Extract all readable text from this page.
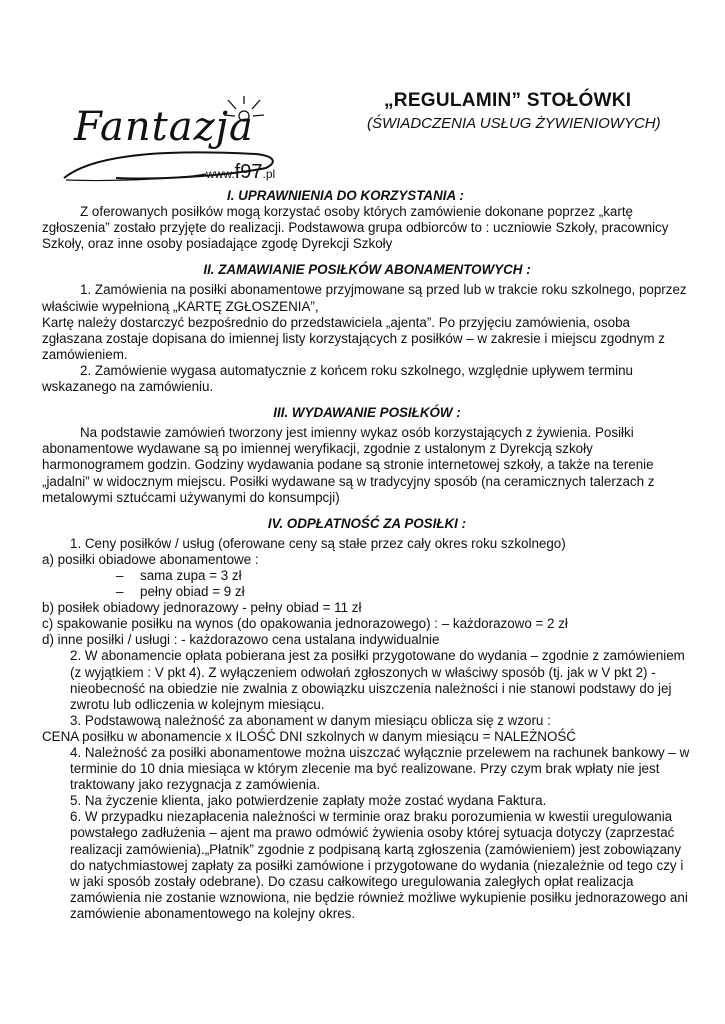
Fantazja
www.f97.pl
„REGULAMIN” STOŁÓWKI
(ŚWIADCZENIA USŁUG ŻYWIENIOWYCH)

I. UPRAWNIENIA DO KORZYSTANIA :

Z oferowanych posiłków mogą korzystać osoby których zamówienie dokonane poprzez „kartę zgłoszenia” zostało przyjęte do realizacji. Podstawowa grupa odbiorców to : uczniowie Szkoły, pracownicy Szkoły, oraz inne osoby posiadające zgodę Dyrekcji Szkoły

II. ZAMAWIANIE POSIŁKÓW ABONAMENTOWYCH :

1. Zamówienia na posiłki abonamentowe przyjmowane są przed lub w trakcie roku szkolnego, poprzez właściwie wypełnioną „KARTĘ ZGŁOSZENIA”,

Kartę należy dostarczyć bezpośrednio do przedstawiciela „ajenta”. Po przyjęciu zamówienia, osoba zgłaszana zostaje dopisana do imiennej listy korzystających z posiłków – w zakresie i miejscu zgodnym z zamówieniem.

2. Zamówienie wygasa automatycznie z końcem roku szkolnego, względnie upływem terminu wskazanego na zamówieniu.

III. WYDAWANIE POSIŁKÓW :

Na podstawie zamówień tworzony jest imienny wykaz osób korzystających z żywienia. Posiłki abonamentowe wydawane są po imiennej weryfikacji, zgodnie z ustalonym z Dyrekcją szkoły harmonogramem godzin. Godziny wydawania podane są stronie internetowej szkoły, a także na terenie „jadalni” w widocznym miejscu. Posiłki wydawane są w tradycyjny sposób (na ceramicznych talerzach z metalowymi sztućcami używanymi do konsumpcji)

IV. ODPŁATNOŚĆ ZA POSIŁKI :

1. Ceny posiłków / usług (oferowane ceny są stałe przez cały okres roku szkolnego)

a) posiłki obiadowe abonamentowe :

– sama zupa = 3 zł

– pełny obiad = 9 zł

b) posiłek obiadowy jednorazowy - pełny obiad = 11 zł

c) spakowanie posiłku na wynos (do opakowania jednorazowego) : – każdorazowo = 2 zł

d) inne posiłki / usługi : - każdorazowo cena ustalana indywidualnie

2. W abonamencie opłata pobierana jest za posiłki przygotowane do wydania – zgodnie z zamówieniem (z wyjątkiem : V pkt 4). Z wyłączeniem odwołań zgłoszonych w właściwy sposób (tj. jak w V pkt 2) - nieobecność na obiedzie nie zwalnia z obowiązku uiszczenia należności i nie stanowi podstawy do jej zwrotu lub odliczenia w kolejnym miesiącu.

3. Podstawową należność za abonament w danym miesiącu oblicza się z wzoru :

CENA posiłku w abonamencie x ILOŚĆ DNI szkolnych w danym miesiącu = NALEŻNOŚĆ

4. Należność za posiłki abonamentowe można uiszczać wyłącznie przelewem na rachunek bankowy – w terminie do 10 dnia miesiąca w którym zlecenie ma być realizowane. Przy czym brak wpłaty nie jest traktowany jako rezygnacja z zamówienia.

5. Na życzenie klienta, jako potwierdzenie zapłaty może zostać wydana Faktura.

6. W przypadku niezapłacenia należności w terminie oraz braku porozumienia w kwestii uregulowania powstałego zadłużenia – ajent ma prawo odmówić żywienia osoby której sytuacja dotyczy (zaprzestać realizacji zamówienia).„Płatnik” zgodnie z podpisaną kartą zgłoszenia (zamówieniem) jest zobowiązany do natychmiastowej zapłaty za posiłki zamówione i przygotowane do wydania (niezależnie od tego czy i w jaki sposób zostały odebrane). Do czasu całkowitego uregulowania zaległych opłat realizacja zamówienia nie zostanie wznowiona, nie będzie również możliwe wykupienie posiłku jednorazowego ani zamówienie abonamentowego na kolejny okres.
